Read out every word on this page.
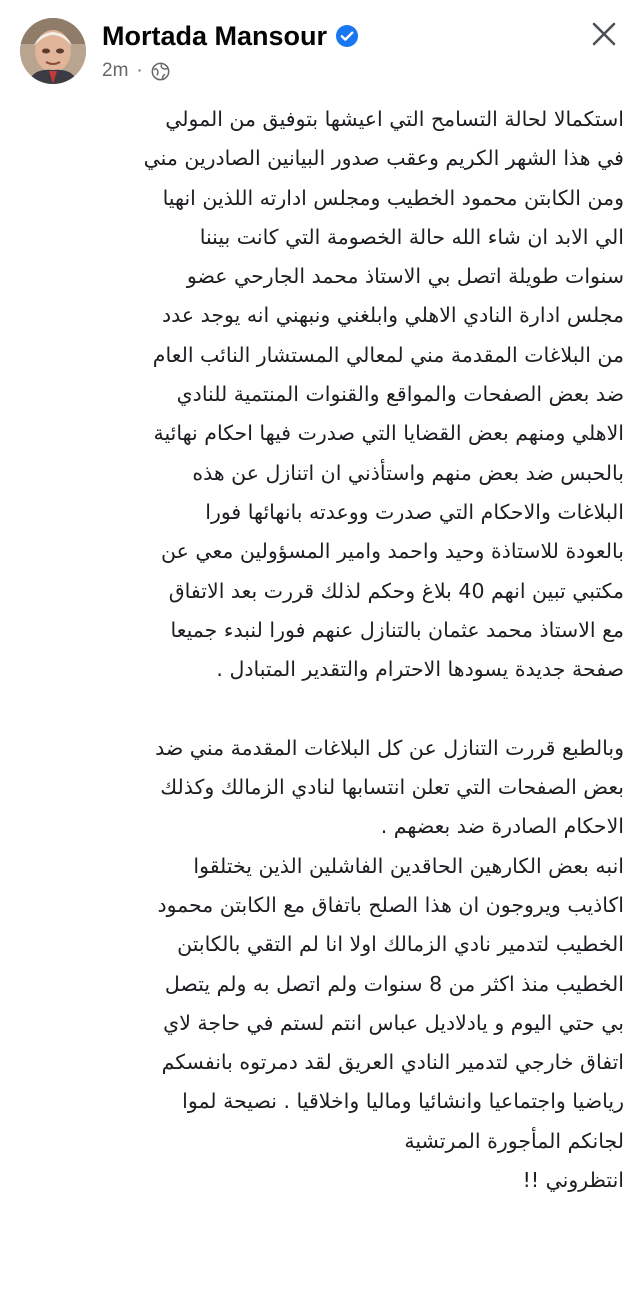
Mortada Mansour
2m ·
استكمالا لحالة التسامح التي اعيشها بتوفيق من المولي
في هذا الشهر الكريم وعقب صدور البيانين الصادرين مني
ومن الكابتن محمود الخطيب ومجلس ادارته اللذين انهيا
الي الابد ان شاء الله حالة الخصومة التي كانت بيننا
سنوات طويلة اتصل بي الاستاذ محمد الجارحي عضو
مجلس ادارة النادي الاهلي وابلغني ونبهني انه يوجد عدد
من البلاغات المقدمة مني لمعالي المستشار النائب العام
ضد بعض الصفحات والمواقع والقنوات المنتمية للنادي
الاهلي ومنهم بعض القضايا التي صدرت فيها احكام نهائية
بالحبس ضد بعض منهم واستأذني ان اتنازل عن هذه
البلاغات والاحكام التي صدرت ووعدته بانهائها فورا
بالعودة للاستاذة وحيد واحمد وامير المسؤولين معي عن
مكتبي تبين انهم 40 بلاغ وحكم لذلك قررت بعد الاتفاق
مع الاستاذ محمد عثمان بالتنازل عنهم فورا لنبدء جميعا
صفحة جديدة يسودها الاحترام والتقدير المتبادل .
وبالطبع قررت التنازل عن كل البلاغات المقدمة مني ضد
بعض الصفحات التي تعلن انتسابها لنادي الزمالك وكذلك
الاحكام الصادرة ضد بعضهم .
انبه بعض الكارهين الحاقدين الفاشلين الذين يختلقوا
اكاذيب ويروجون ان هذا الصلح باتفاق مع الكابتن محمود
الخطيب لتدمير نادي الزمالك اولا انا لم التقي بالكابتن
الخطيب منذ اكثر من 8 سنوات ولم اتصل به ولم يتصل
بي حتي اليوم و يادلاديل عباس انتم لستم في حاجة لاي
اتفاق خارجي لتدمير النادي العريق لقد دمرتوه بانفسكم
رياضيا واجتماعيا وانشائيا وماليا واخلاقيا . نصيحة لموا
لجانكم المأجورة المرتشية
انتظروني !!
